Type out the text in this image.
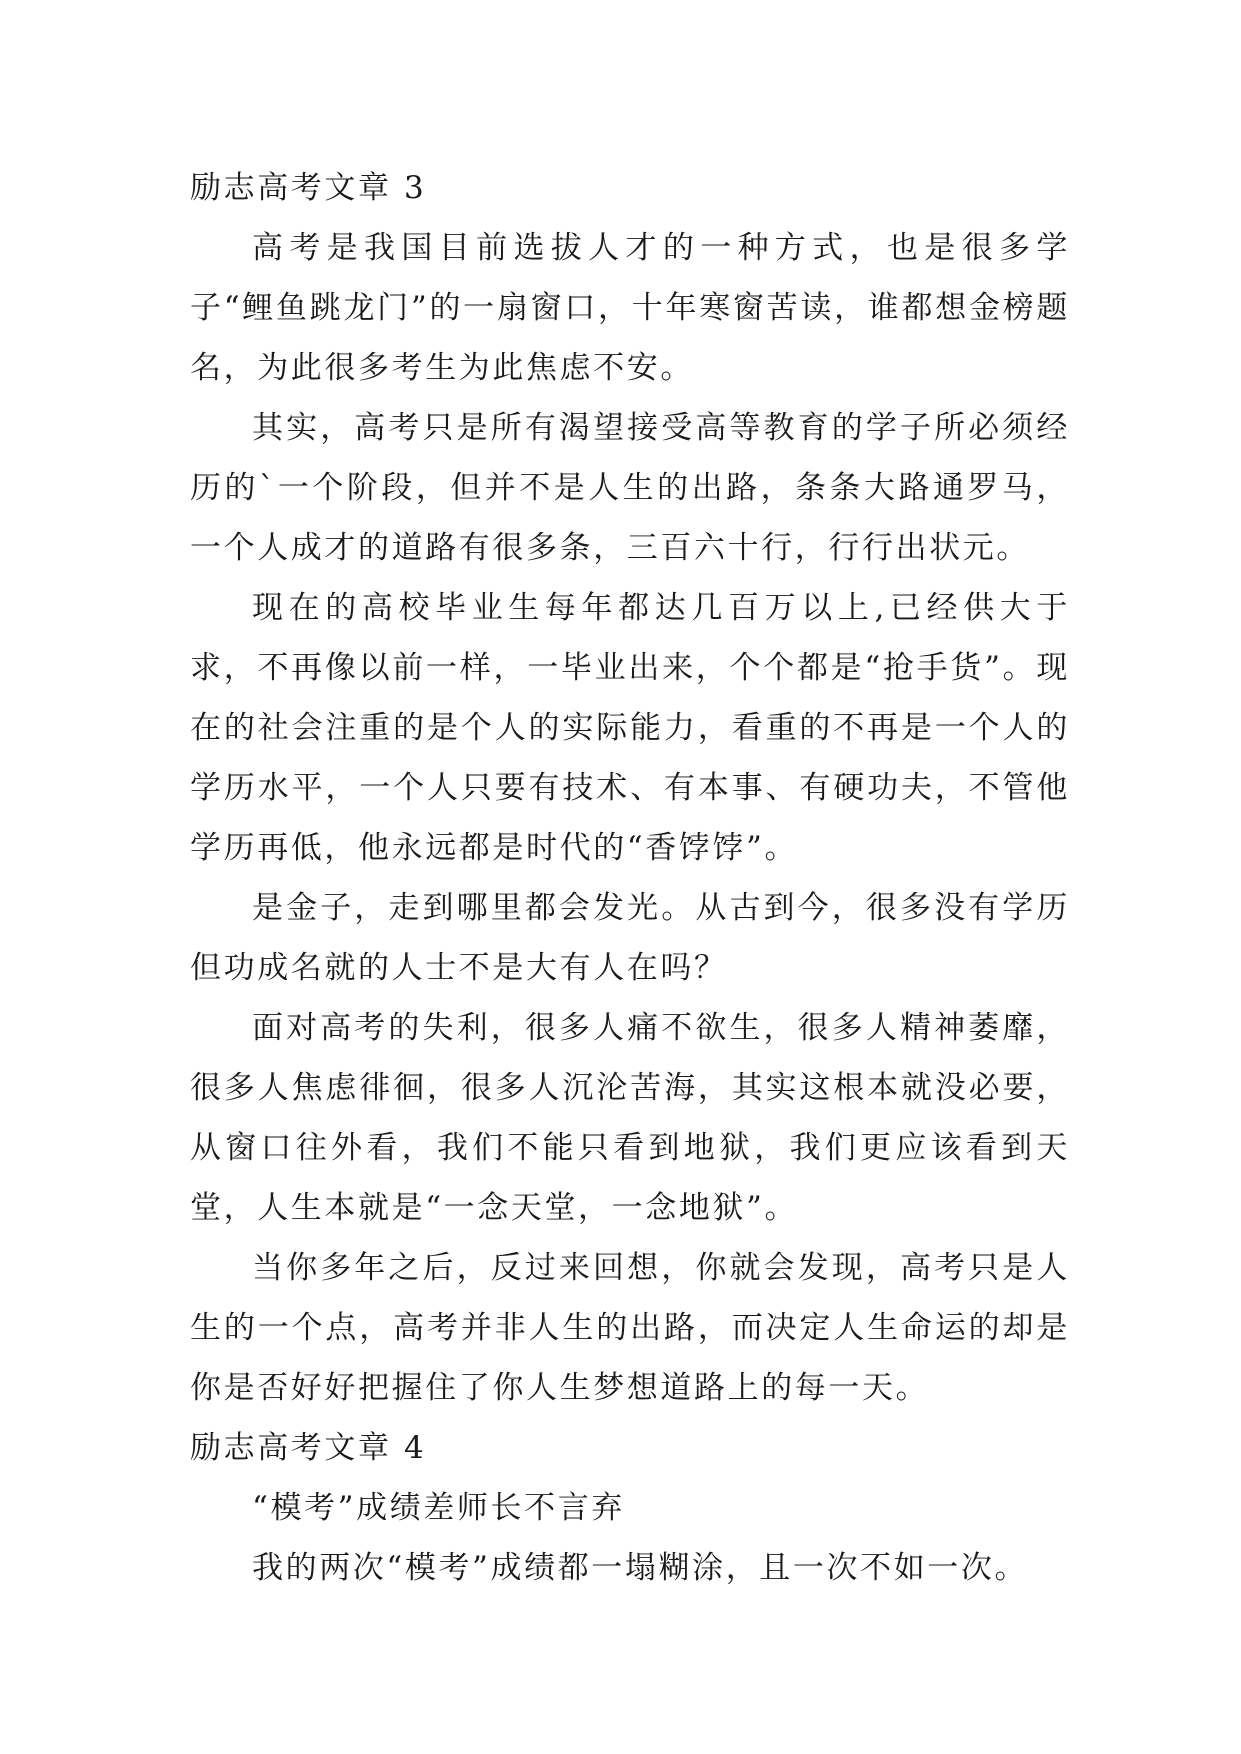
励志高考文章 3

高考是我国目前选拔人才的一种方式，也是很多学子“鲤鱼跳龙门”的一扇窗口，十年寒窗苦读，谁都想金榜题名，为此很多考生为此焦虑不安。

其实，高考只是所有渴望接受高等教育的学子所必须经历的`一个阶段，但并不是人生的出路，条条大路通罗马，一个人成才的道路有很多条，三百六十行，行行出状元。

现在的高校毕业生每年都达几百万以上,已经供大于求，不再像以前一样，一毕业出来，个个都是“抢手货”。现在的社会注重的是个人的实际能力，看重的不再是一个人的学历水平，一个人只要有技术、有本事、有硬功夫，不管他学历再低，他永远都是时代的“香饽饽”。

是金子，走到哪里都会发光。从古到今，很多没有学历但功成名就的人士不是大有人在吗？

面对高考的失利，很多人痛不欲生，很多人精神萎靡，很多人焦虑徘徊，很多人沉沦苦海，其实这根本就没必要，从窗口往外看，我们不能只看到地狱，我们更应该看到天堂，人生本就是“一念天堂，一念地狱”。

当你多年之后，反过来回想，你就会发现，高考只是人生的一个点，高考并非人生的出路，而决定人生命运的却是你是否好好把握住了你人生梦想道路上的每一天。

励志高考文章 4

“模考”成绩差师长不言弃

我的两次“模考”成绩都一塌糊涂，且一次不如一次。
